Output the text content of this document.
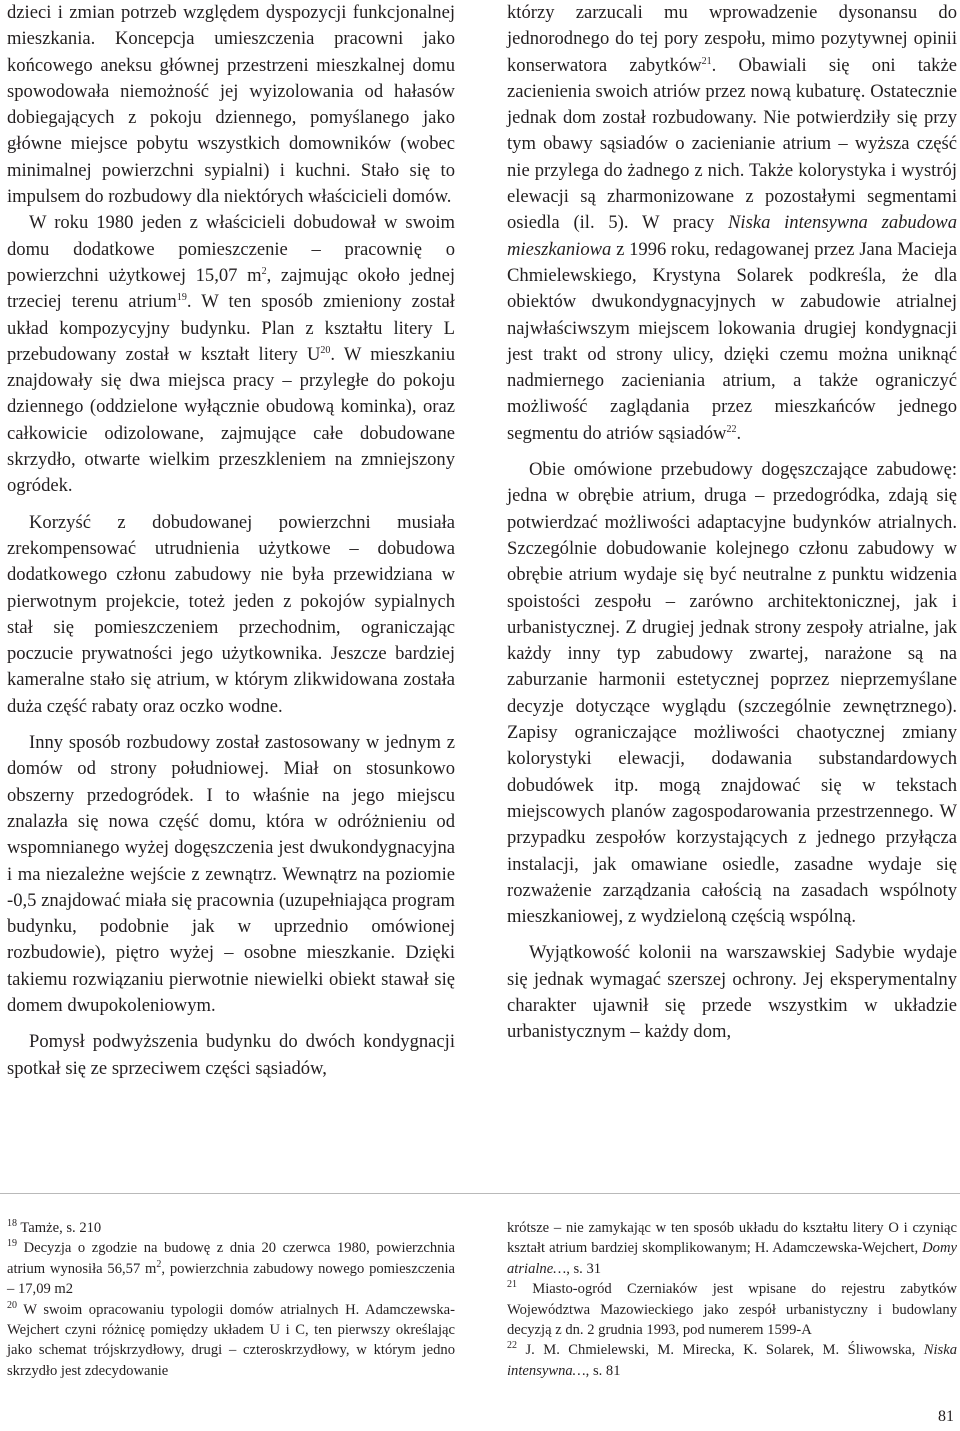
dzieci i zmian potrzeb względem dyspozycji funkcjonalnej mieszkania. Koncepcja umieszczenia pracowni jako końcowego aneksu głównej przestrzeni mieszkalnej domu spowodowała niemożność jej wyizolowania od hałasów dobiegających z pokoju dziennego, pomyślanego jako główne miejsce pobytu wszystkich domowników (wobec minimalnej powierzchni sypialni) i kuchni. Stało się to impulsem do rozbudowy dla niektórych właścicieli domów.

W roku 1980 jeden z właścicieli dobudował w swoim domu dodatkowe pomieszczenie – pracownię o powierzchni użytkowej 15,07 $m^2$, zajmując około jednej trzeciej terenu atrium$^{19}$. W ten sposób zmieniony został układ kompozycyjny budynku. Plan z kształtu litery L przebudowany został w kształt litery $U^{20}$. W mieszkaniu znajdowały się dwa miejsca pracy – przyległe do pokoju dziennego (oddzielone wyłącznie obudową kominka), oraz całkowicie odizolowane, zajmujące całe dobudowane skrzydło, otwarte wielkim przeszkleniem na zmniejszony ogródek.

Korzyść z dobudowanej powierzchni musiała zrekompensować utrudnienia użytkowe – dobudowa dodatkowego członu zabudowy nie była przewidziana w pierwotnym projekcie, toteż jeden z pokojów sypialnych stał się pomieszczeniem przechodnim, ograniczając poczucie prywatności jego użytkownika. Jeszcze bardziej kameralne stało się atrium, w którym zlikwidowana została duża część rabaty oraz oczko wodne.

Inny sposób rozbudowy został zastosowany w jednym z domów od strony południowej. Miał on stosunkowo obszerny przedogródek. I to właśnie na jego miejscu znalazła się nowa część domu, która w odróżnieniu od wspomnianego wyżej dogęszczenia jest dwukondygnacyjna i ma niezależne wejście z zewnątrz. Wewnątrz na poziomie -0,5 znajdować miała się pracownia (uzupełniająca program budynku, podobnie jak w uprzednio omówionej rozbudowie), piętro wyżej – osobne mieszkanie. Dzięki takiemu rozwiązaniu pierwotnie niewielki obiekt stawał się domem dwupokoleniowym.

Pomysł podwyższenia budynku do dwóch kondygnacji spotkał się ze sprzeciwem części sąsiadów,

którzy zarzucali mu wprowadzenie dysonansu do jednorodnego do tej pory zespołu, mimo pozytywnej opinii konserwatora zabytków$^{21}$. Obawiali się oni także zacienienia swoich atriów przez nową kubaturę. Ostatecznie jednak dom został rozbudowany. Nie potwierdziły się przy tym obawy sąsiadów o zacienianie atrium – wyższa część nie przylega do żadnego z nich. Także kolorystyka i wystrój elewacji są zharmonizowane z pozostałymi segmentami osiedla (il. 5). W pracy Niska intensywna zabudowa mieszkaniowa z 1996 roku, redagowanej przez Jana Macieja Chmielewskiego, Krystyna Solarek podkreśla, że dla obiektów dwukondygnacyjnych w zabudowie atrialnej najwłaściwszym miejscem lokowania drugiej kondygnacji jest trakt od strony ulicy, dzięki czemu można uniknąć nadmiernego zacieniania atrium, a także ograniczyć możliwość zaglądania przez mieszkańców jednego segmentu do atriów sąsiadów$^{22}$.

Obie omówione przebudowy dogęszczające zabudowę: jedna w obrębie atrium, druga – przedogródka, zdają się potwierdzać możliwości adaptacyjne budynków atrialnych. Szczególnie dobudowanie kolejnego członu zabudowy w obrębie atrium wydaje się być neutralne z punktu widzenia spoistości zespołu – zarówno architektonicznej, jak i urbanistycznej. Z drugiej jednak strony zespoły atrialne, jak każdy inny typ zabudowy zwartej, narażone są na zaburzanie harmonii estetycznej poprzez nieprzemyślane decyzje dotyczące wyglądu (szczególnie zewnętrznego). Zapisy ograniczające możliwości chaotycznej zmiany kolorystyki elewacji, dodawania substandardowych dobudówek itp. mogą znajdować się w tekstach miejscowych planów zagospodarowania przestrzennego. W przypadku zespołów korzystających z jednego przyłącza instalacji, jak omawiane osiedle, zasadne wydaje się rozważenie zarządzania całością na zasadach wspólnoty mieszkaniowej, z wydzieloną częścią wspólną.

Wyjątkowość kolonii na warszawskiej Sadybie wydaje się jednak wymagać szerszej ochrony. Jej eksperymentalny charakter ujawnił się przede wszystkim w układzie urbanistycznym – każdy dom,

$^{18}$ Tamże, s. 210

$^{19}$ Decyzja o zgodzie na budowę z dnia 20 czerwca 1980, powierzchnia atrium wynosiła 56,57 $m^2$, powierzchnia zabudowy nowego pomieszczenia – 17,09 m2

$^{20}$ W swoim opracowaniu typologii domów atrialnych H. Adamczewska-Wejchert czyni różnicę pomiędzy układem U i C, ten pierwszy określając jako schemat trójskrzydłowy, drugi – czteroskrzydłowy, w którym jedno skrzydło jest zdecydowanie

krótsze – nie zamykając w ten sposób układu do kształtu litery O i czyniąc kształt atrium bardziej skomplikowanym; H. Adamczewska-Wejchert, Domy atrialne…, s. 31

$^{21}$ Miasto-ogród Czerniaków jest wpisane do rejestru zabytków Województwa Mazowieckiego jako zespół urbanistyczny i budowlany decyzją z dn. 2 grudnia 1993, pod numerem 1599-A

$^{22}$ J. M. Chmielewski, M. Mirecka, K. Solarek, M. Śliwowska, Niska intensywna…, s. 81

81
